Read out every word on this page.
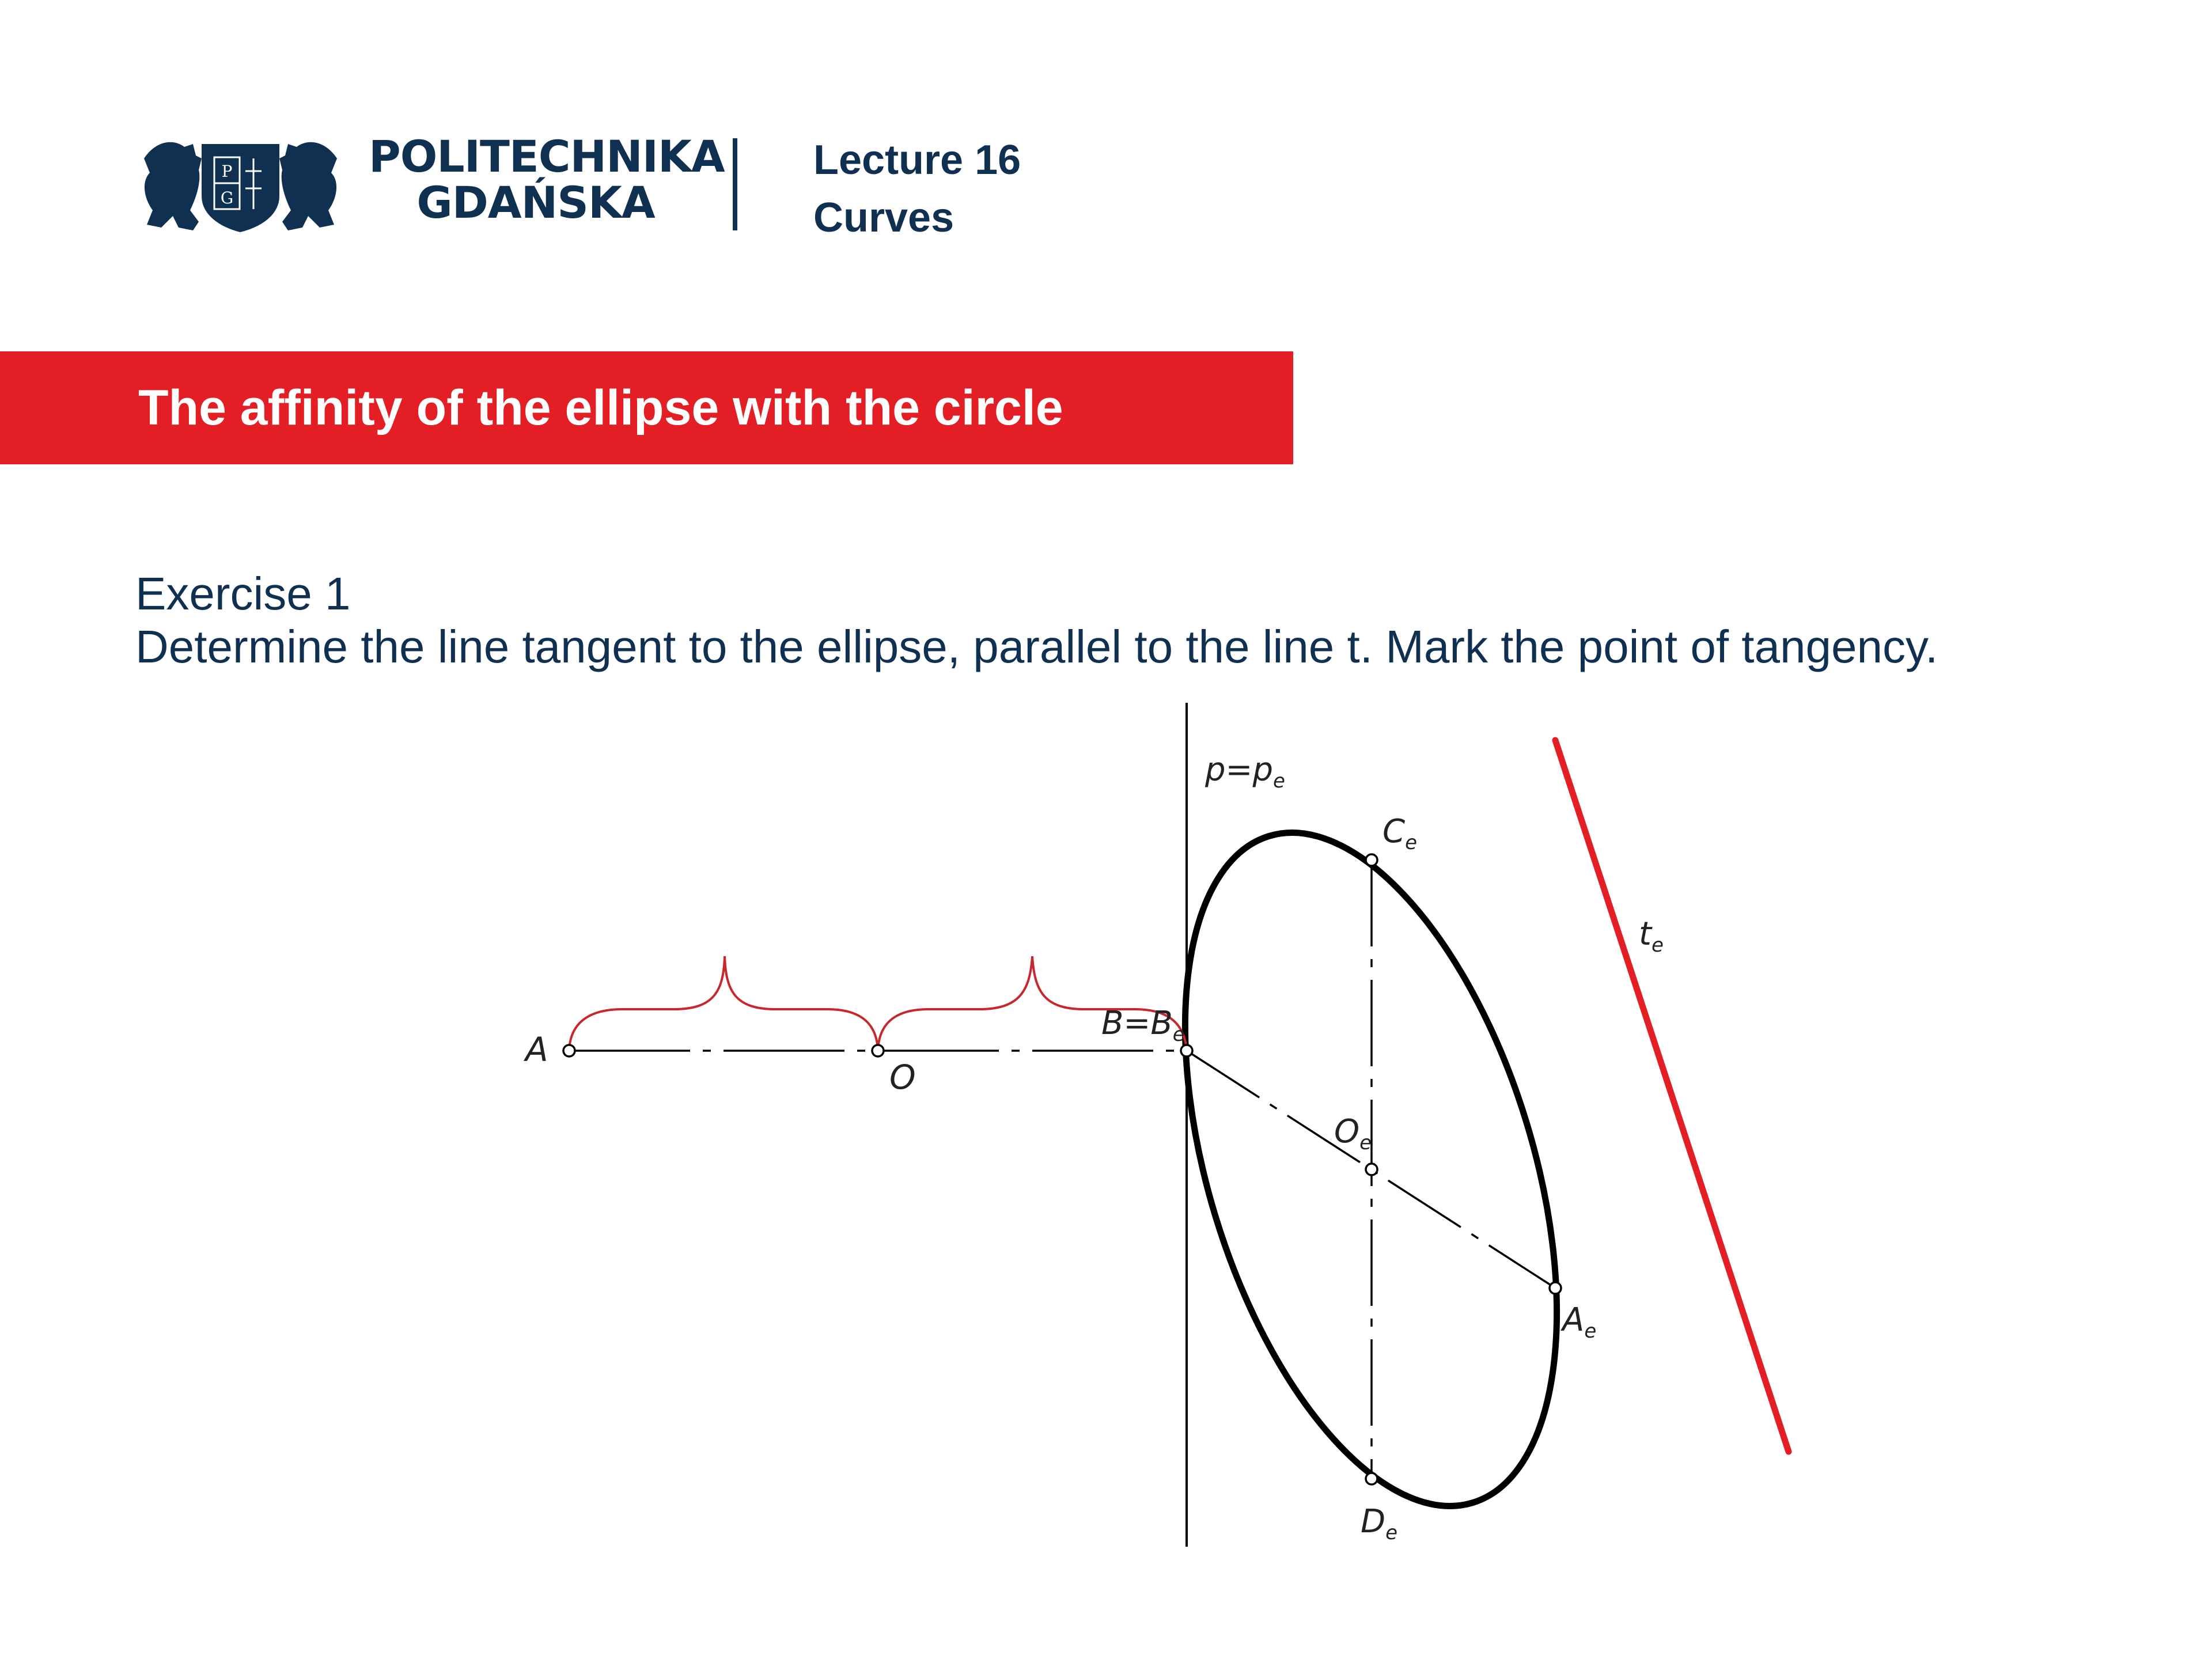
P
G
POLITECHNIKA
GDAŃSKA
Lecture 16
Curves
The affinity of the ellipse with the circle
Exercise 1
Determine the line tangent to the ellipse, parallel to the line t. Mark the point of tangency.
$p=p_e$
A
O
$B=B_e$
$C_e$
$O_e$
$A_e$
$D_e$
$t_e$
